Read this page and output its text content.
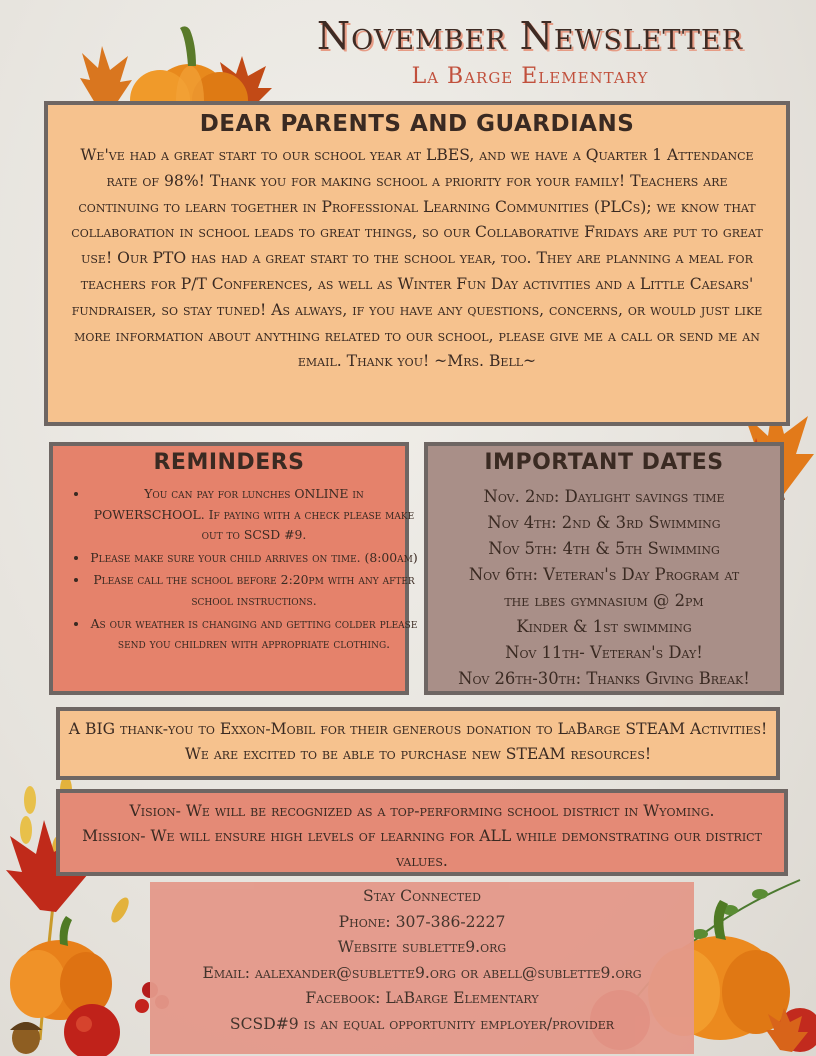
November Newsletter
La Barge Elementary
DEAR PARENTS AND GUARDIANS
We've had a great start to our school year at LBES, and we have a Quarter 1 Attendance rate of 98%! Thank you for making school a priority for your family! Teachers are continuing to learn together in Professional Learning Communities (PLCs); we know that collaboration in school leads to great things, so our Collaborative Fridays are put to great use! Our PTO has had a great start to the school year, too. They are planning a meal for teachers for P/T Conferences, as well as Winter Fun Day activities and a Little Caesars' fundraiser, so stay tuned! As always, if you have any questions, concerns, or would just like more information about anything related to our school, please give me a call or send me an email. Thank you! ~Mrs. Bell~
REMINDERS
• You can pay for lunches ONLINE in POWERSCHOOL. If paying with a check please make out to SCSD #9.
• Please make sure your child arrives on time. (8:00am)
• Please call the school before 2:20pm with any after school instructions.
• As our weather is changing and getting colder please send you children with appropriate clothing.
IMPORTANT DATES
Nov. 2nd: Daylight savings time
Nov 4th: 2nd & 3rd Swimming
Nov 5th: 4th & 5th Swimming
Nov 6th: Veteran's Day Program at
the lbes gymnasium @ 2pm
Kinder & 1st swimming
Nov 11th- Veteran's Day!
Nov 26th-30th: Thanks Giving Break!
A BIG thank-you to Exxon-Mobil for their generous donation to LaBarge STEAM Activities! We are excited to be able to purchase new STEAM resources!
Vision- We will be recognized as a top-performing school district in Wyoming.
Mission- We will ensure high levels of learning for ALL while demonstrating our district values.
Stay Connected
Phone: 307-386-2227
Website sublette9.org
Email: aalexander@sublette9.org or abell@sublette9.org
Facebook: LaBarge Elementary
SCSD#9 is an equal opportunity employer/provider
